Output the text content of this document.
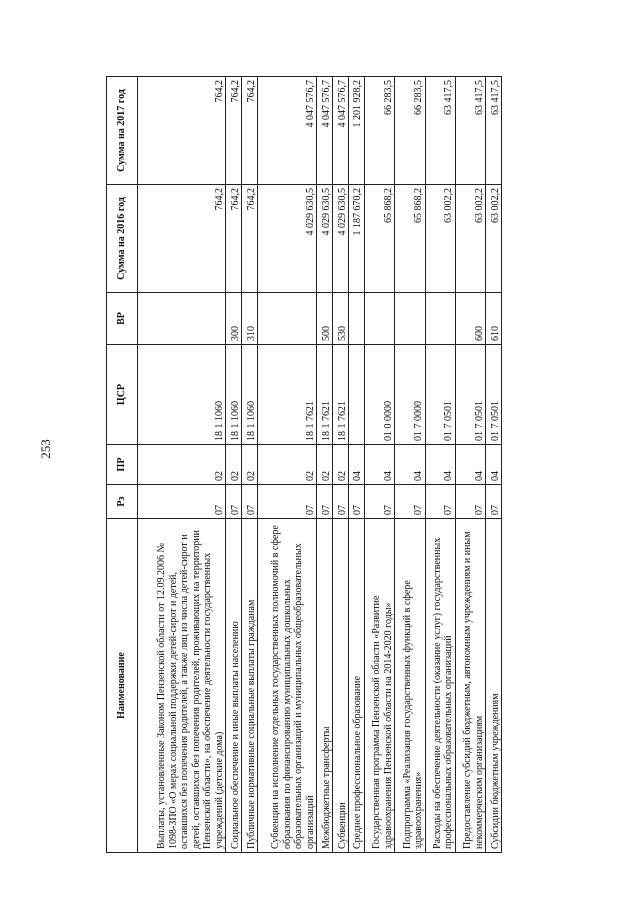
253
Наименование	Рз	ПР	ЦСР	ВР	Сумма на 2016 год	Сумма на 2017 год
Выплаты, установленные Законом Пензенской области от 12.09.2006 № 1098-ЗПО «О мерах социальной поддержки детей-сирот и детей, оставшихся без попечения родителей, а также лиц из числа детей-сирот и детей, оставшихся без попечения родителей, проживающих на территории Пензенской области», на обеспечение деятельности государственных учреждений (детские дома)	07	02	18 1 1060		764,2	764,2
Социальное обеспечение и иные выплаты населению	07	02	18 1 1060	300	764,2	764,2
Публичные нормативные социальные выплаты гражданам	07	02	18 1 1060	310	764,2	764,2
Субвенции на исполнение отдельных государственных полномочий в сфере образования по финансированию муниципальных дошкольных образовательных организаций и муниципальных общеобразовательных организаций	07	02	18 1 7621		4 029 630,5	4 047 576,7
Межбюджетные трансферты	07	02	18 1 7621	500	4 029 630,5	4 047 576,7
Субвенции	07	02	18 1 7621	530	4 029 630,5	4 047 576,7
Среднее профессиональное образование	07	04			1 187 670,2	1 201 928,2
Государственная программа Пензенской области «Развитие здравоохранения Пензенской области на 2014-2020 годы»	07	04	01 0 0000		65 868,2	66 283,5
Подпрограмма «Реализация государственных функций в сфере здравоохранения»	07	04	01 7 0000		65 868,2	66 283,5
Расходы на обеспечение деятельности (оказание услуг) государственных профессиональных образовательных организаций	07	04	01 7 0501		63 002,2	63 417,5
Предоставление субсидий бюджетным, автономным учреждениям и иным некоммерческим организациям	07	04	01 7 0501	600	63 002,2	63 417,5
Субсидии бюджетным учреждениям	07	04	01 7 0501	610	63 002,2	63 417,5
